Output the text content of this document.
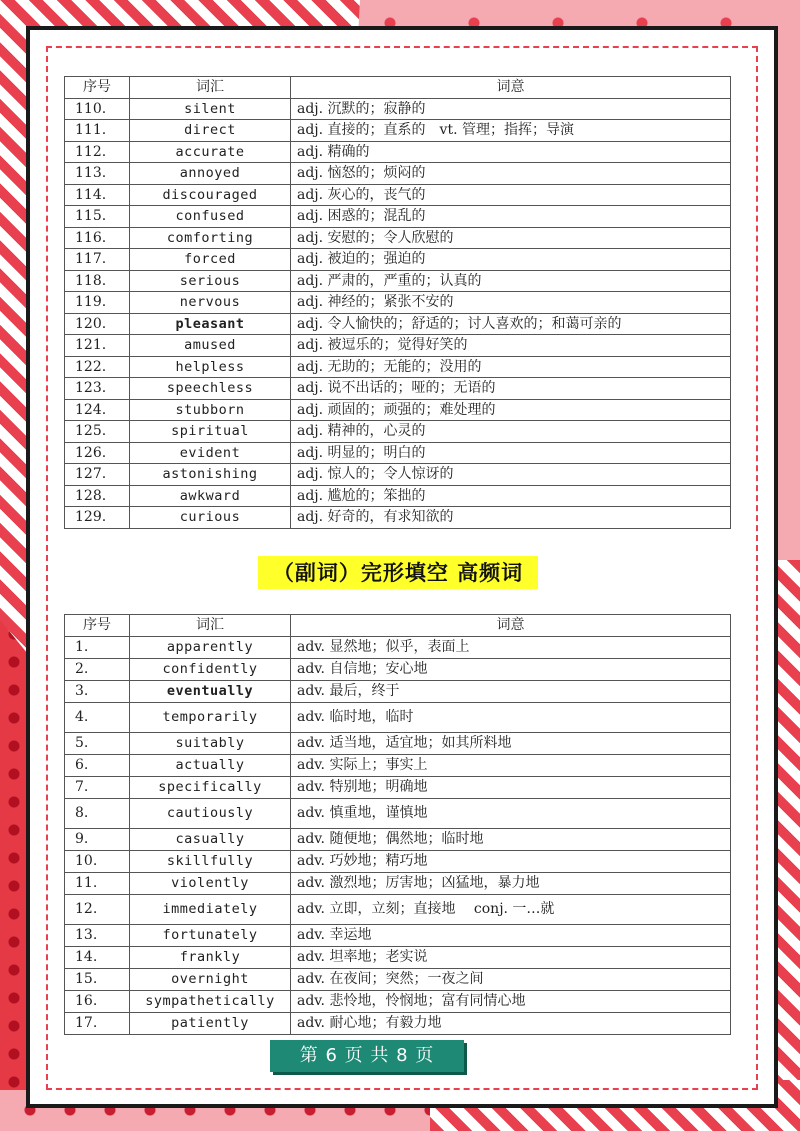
序号	词汇	词意
110.	silent	adj. 沉默的；寂静的
111.	direct	adj. 直接的；直系的　vt. 管理；指挥；导演
112.	accurate	adj. 精确的
113.	annoyed	adj. 恼怒的；烦闷的
114.	discouraged	adj. 灰心的，丧气的
115.	confused	adj. 困惑的；混乱的
116.	comforting	adj. 安慰的；令人欣慰的
117.	forced	adj. 被迫的；强迫的
118.	serious	adj. 严肃的，严重的；认真的
119.	nervous	adj. 神经的；紧张不安的
120.	pleasant	adj. 令人愉快的；舒适的；讨人喜欢的；和蔼可亲的
121.	amused	adj. 被逗乐的；觉得好笑的
122.	helpless	adj. 无助的；无能的；没用的
123.	speechless	adj. 说不出话的；哑的；无语的
124.	stubborn	adj. 顽固的；顽强的；难处理的
125.	spiritual	adj. 精神的，心灵的
126.	evident	adj. 明显的；明白的
127.	astonishing	adj. 惊人的；令人惊讶的
128.	awkward	adj. 尴尬的；笨拙的
129.	curious	adj. 好奇的，有求知欲的
（副词）完形填空 高频词
序号	词汇	词意
1.	apparently	adv. 显然地；似乎，表面上
2.	confidently	adv. 自信地；安心地
3.	eventually	adv. 最后，终于
4.	temporarily	adv. 临时地，临时
5.	suitably	adv. 适当地，适宜地；如其所料地
6.	actually	adv. 实际上；事实上
7.	specifically	adv. 特别地；明确地
8.	cautiously	adv. 慎重地，谨慎地
9.	casually	adv. 随便地；偶然地；临时地
10.	skillfully	adv. 巧妙地；精巧地
11.	violently	adv. 激烈地；厉害地；凶猛地，暴力地
12.	immediately	adv. 立即，立刻；直接地　 conj. 一…就
13.	fortunately	adv. 幸运地
14.	frankly	adv. 坦率地；老实说
15.	overnight	adv. 在夜间；突然；一夜之间
16.	sympathetically	adv. 悲怜地，怜悯地；富有同情心地
17.	patiently	adv. 耐心地；有毅力地
第 6 页 共 8 页
